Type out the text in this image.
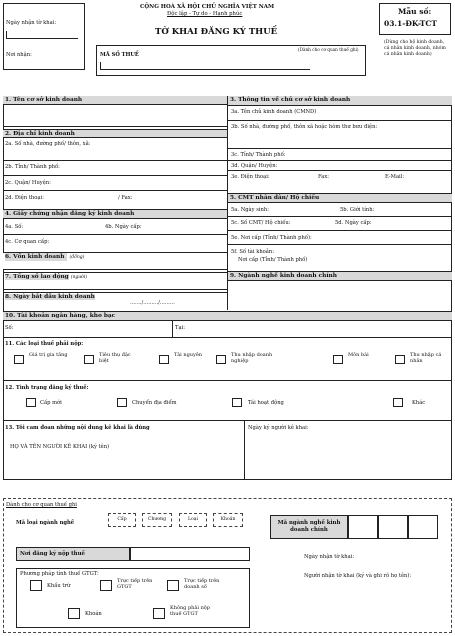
Ngày nhận tờ khai:
Nơi nhận:
CỘNG HOÀ XÃ HỘI CHỦ NGHĨA VIỆT NAM
Độc lập - Tự do - Hạnh phúc
TỜ KHAI ĐĂNG KÝ THUẾ
MÃ SỐ THUẾ
(Dành cho cơ quan thuế ghi)
Mẫu số:
03.1-ĐK-TCT
(Dùng cho hộ kinh doanh, cá nhân kinh doanh, nhóm cá nhân kinh doanh)
1. Tên cơ sở kinh doanh
2. Địa chỉ kinh doanh
2a. Số nhà, đường phố/ thôn, xã:
2b. Tỉnh/ Thành phố:
2c. Quận/ Huyện:
2d. Điện thoại:	/ Fax:
4. Giấy chứng nhận đăng ký kinh doanh
4a. Số:	4b. Ngày cấp:
4c. Cơ quan cấp:
6. Vốn kinh doanh (đồng)
7. Tổng số lao động (người)
8. Ngày bắt đầu kinh doanh
......./........./.........
3. Thông tin về chủ cơ sở kinh doanh
3a. Tên chủ kinh doanh (CMND)
3b. Số nhà, đường phố, thôn xã hoặc hòm thư bưu điện:
3c. Tỉnh/ Thành phố:
3d. Quận/ Huyện:
3e. Điện thoại:	Fax:	E-Mail:
5. CMT nhân dân/ Hộ chiếu
5a. Ngày sinh:	5b. Giới tính:
5c. Số CMT/ Hộ chiếu:	5d. Ngày cấp:
5e. Nơi cấp (Tỉnh/ Thành phố):
5f. Số tài khoản:
Nơi cấp (Tỉnh/ Thành phố)
9. Ngành nghề kinh doanh chính
10. Tài khoản ngân hàng, kho bạc
Số:	Tại:
11. Các loại thuế phải nộp:
Giá trị gia tăng	Tiêu thụ đặc biệt
Tài nguyên	Thu nhập doanh nghiệp
Môn bài	Thu nhập cá nhân
12. Tình trạng đăng ký thuế:
Cấp mới	Chuyển địa điểm	Tái hoạt động	Khác
13. Tôi cam đoan những nội dung kê khai là đúng
HỌ VÀ TÊN NGƯỜI KÊ KHAI (ký tên)
Ngày ký người kê khai:
Dành cho cơ quan thuế ghi
Mã loại ngành nghề
Cấp	Chương	Loại	Khoản
Mã ngành nghề kinh doanh chính
Nơi đăng ký nộp thuế
Phương pháp tính thuế GTGT:
Khấu trừ
Trực tiếp trên GTGT
Trực tiếp trên doanh số
Khoán
Không phải nộp thuế GTGT
Ngày nhận tờ khai:
Người nhận tờ khai (ký và ghi rõ họ tên):
